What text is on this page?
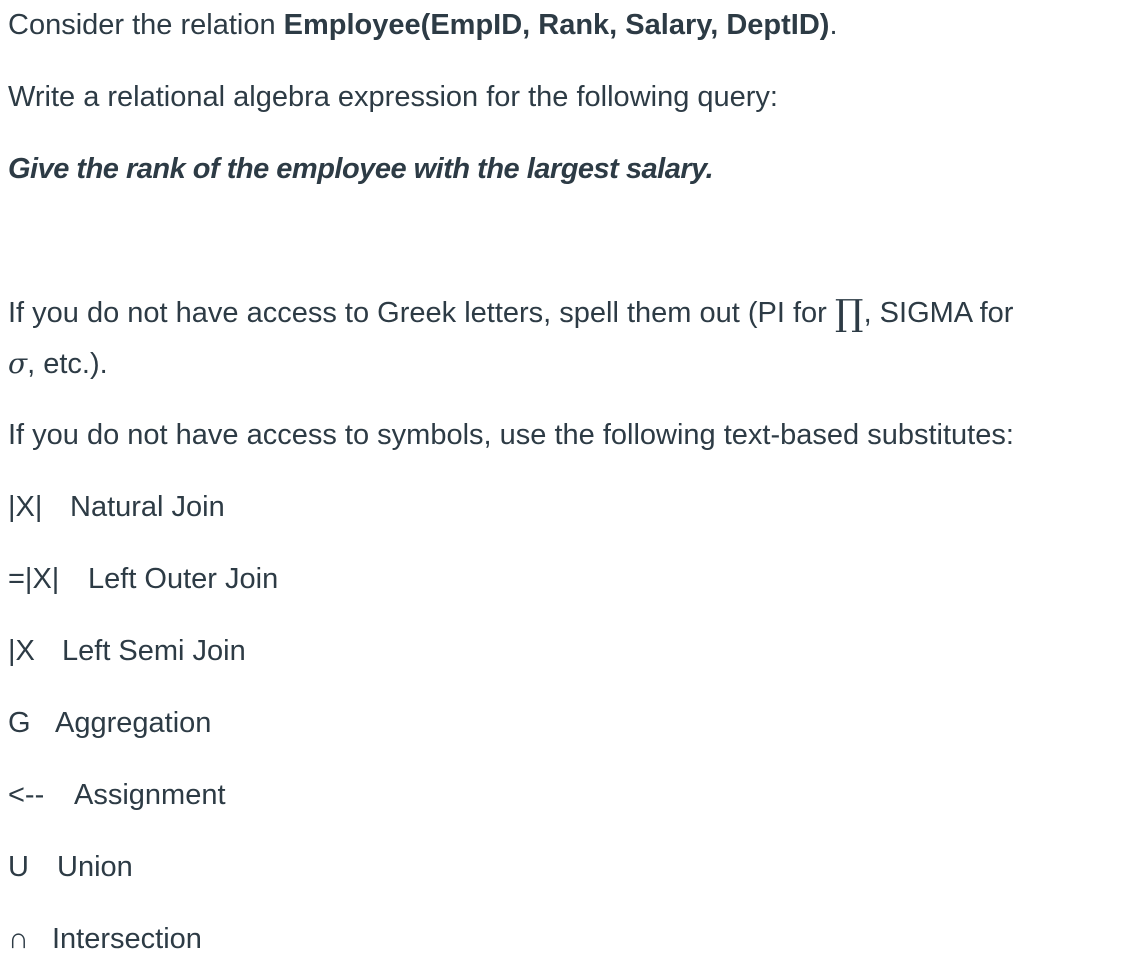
Consider the relation Employee(EmpID, Rank, Salary, DeptID).
Write a relational algebra expression for the following query:
Give the rank of the employee with the largest salary.
If you do not have access to Greek letters, spell them out (PI for ∏, SIGMA for
σ, etc.).
If you do not have access to symbols, use the following text-based substitutes:
|X| Natural Join
=|X| Left Outer Join
|X Left Semi Join
G Aggregation
<-- Assignment
U Union
∩ Intersection
